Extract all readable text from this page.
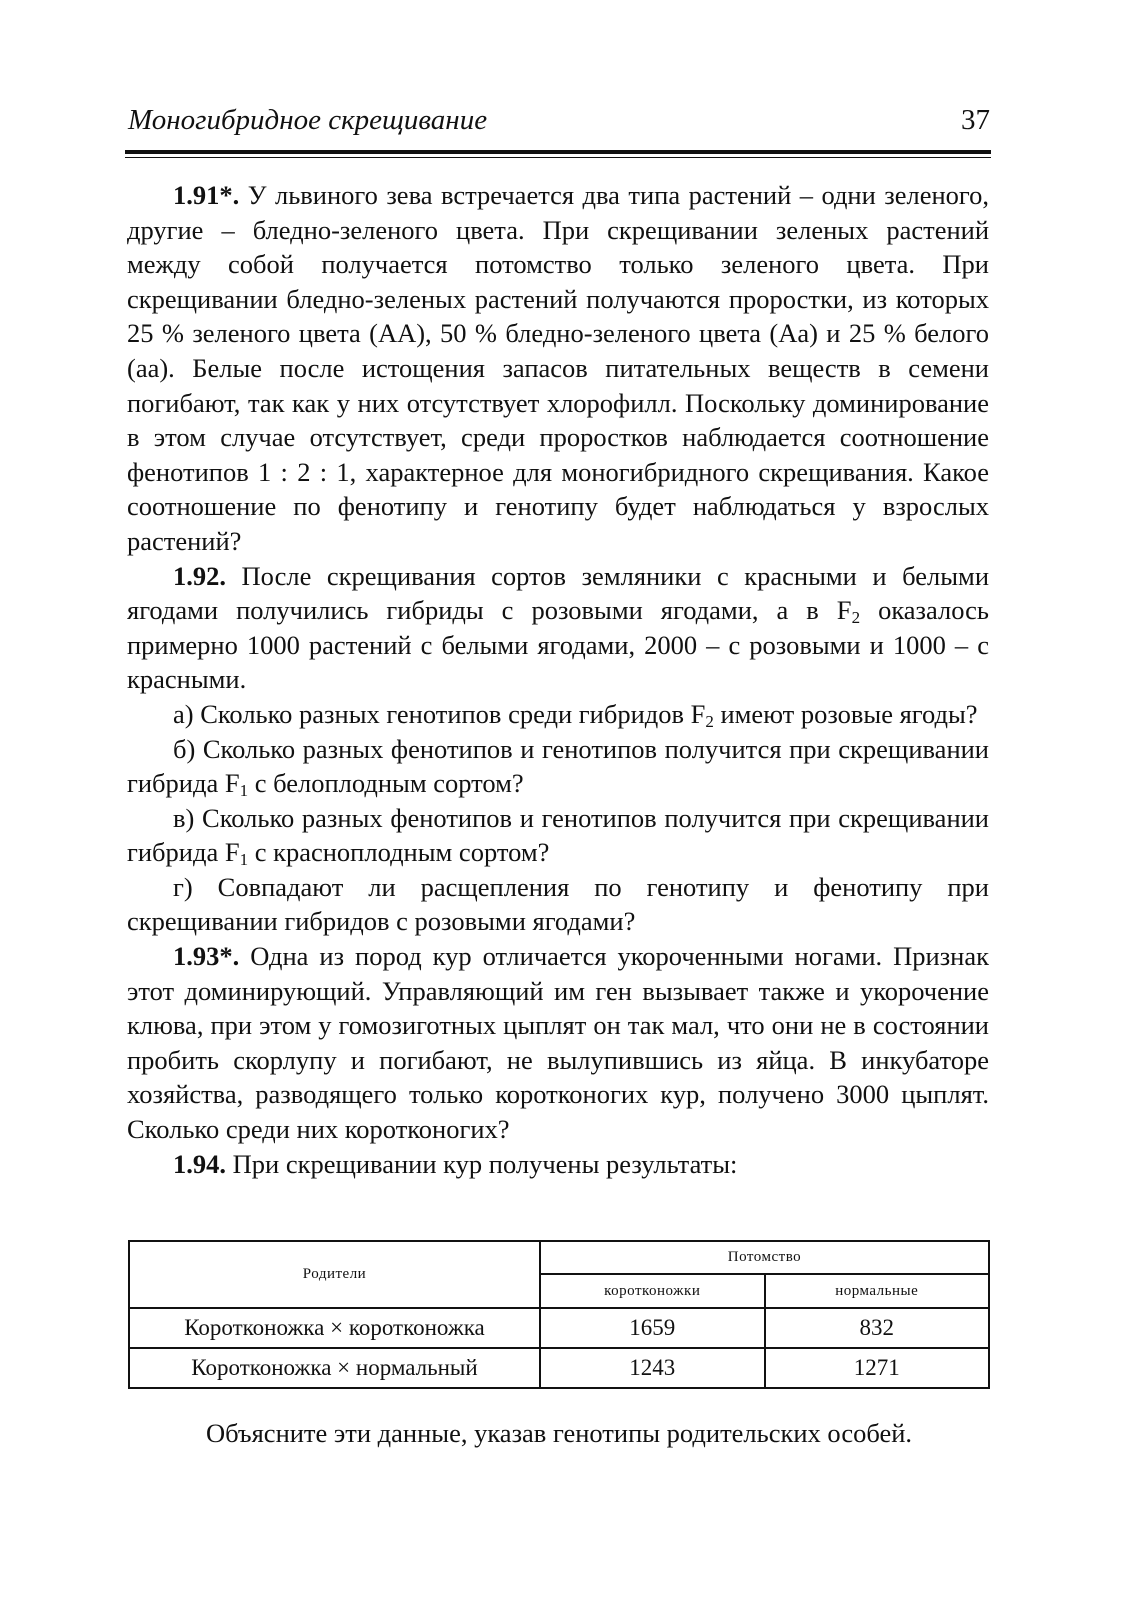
Моногибридное скрещивание	37

1.91*. У львиного зева встречается два типа растений – одни зеленого, другие – бледно-зеленого цвета. При скрещивании зеленых растений между собой получается потомство только зеленого цвета. При скрещивании бледно-зеленых растений получаются проростки, из которых 25 % зеленого цвета (AA), 50 % бледно-зеленого цвета (Aa) и 25 % белого (aa). Белые после истощения запасов питательных веществ в семени погибают, так как у них отсутствует хлорофилл. Поскольку доминирование в этом случае отсутствует, среди проростков наблюдается соотношение фенотипов 1 : 2 : 1, характерное для моногибридного скрещивания. Какое соотношение по фенотипу и генотипу будет наблюдаться у взрослых растений?

1.92. После скрещивания сортов земляники с красными и белыми ягодами получились гибриды с розовыми ягодами, а в $F_2$ оказалось примерно 1000 растений с белыми ягодами, 2000 – с розовыми и 1000 – с красными.

а) Сколько разных генотипов среди гибридов $F_2$ имеют розовые ягоды?

б) Сколько разных фенотипов и генотипов получится при скрещивании гибрида $F_1$ с белоплодным сортом?

в) Сколько разных фенотипов и генотипов получится при скрещивании гибрида $F_1$ с красноплодным сортом?

г) Совпадают ли расщепления по генотипу и фенотипу при скрещивании гибридов с розовыми ягодами?

1.93*. Одна из пород кур отличается укороченными ногами. Признак этот доминирующий. Управляющий им ген вызывает также и укорочение клюва, при этом у гомозиготных цыплят он так мал, что они не в состоянии пробить скорлупу и погибают, не вылупившись из яйца. В инкубаторе хозяйства, разводящего только коротконогих кур, получено 3000 цыплят. Сколько среди них коротконогих?

1.94. При скрещивании кур получены результаты:

Родители	Потомство	
	коротконожки	нормальные
Коротконожка × коротконожка	1659	832
Коротконожка × нормальный	1243	1271
Объясните эти данные, указав генотипы родительских особей.
